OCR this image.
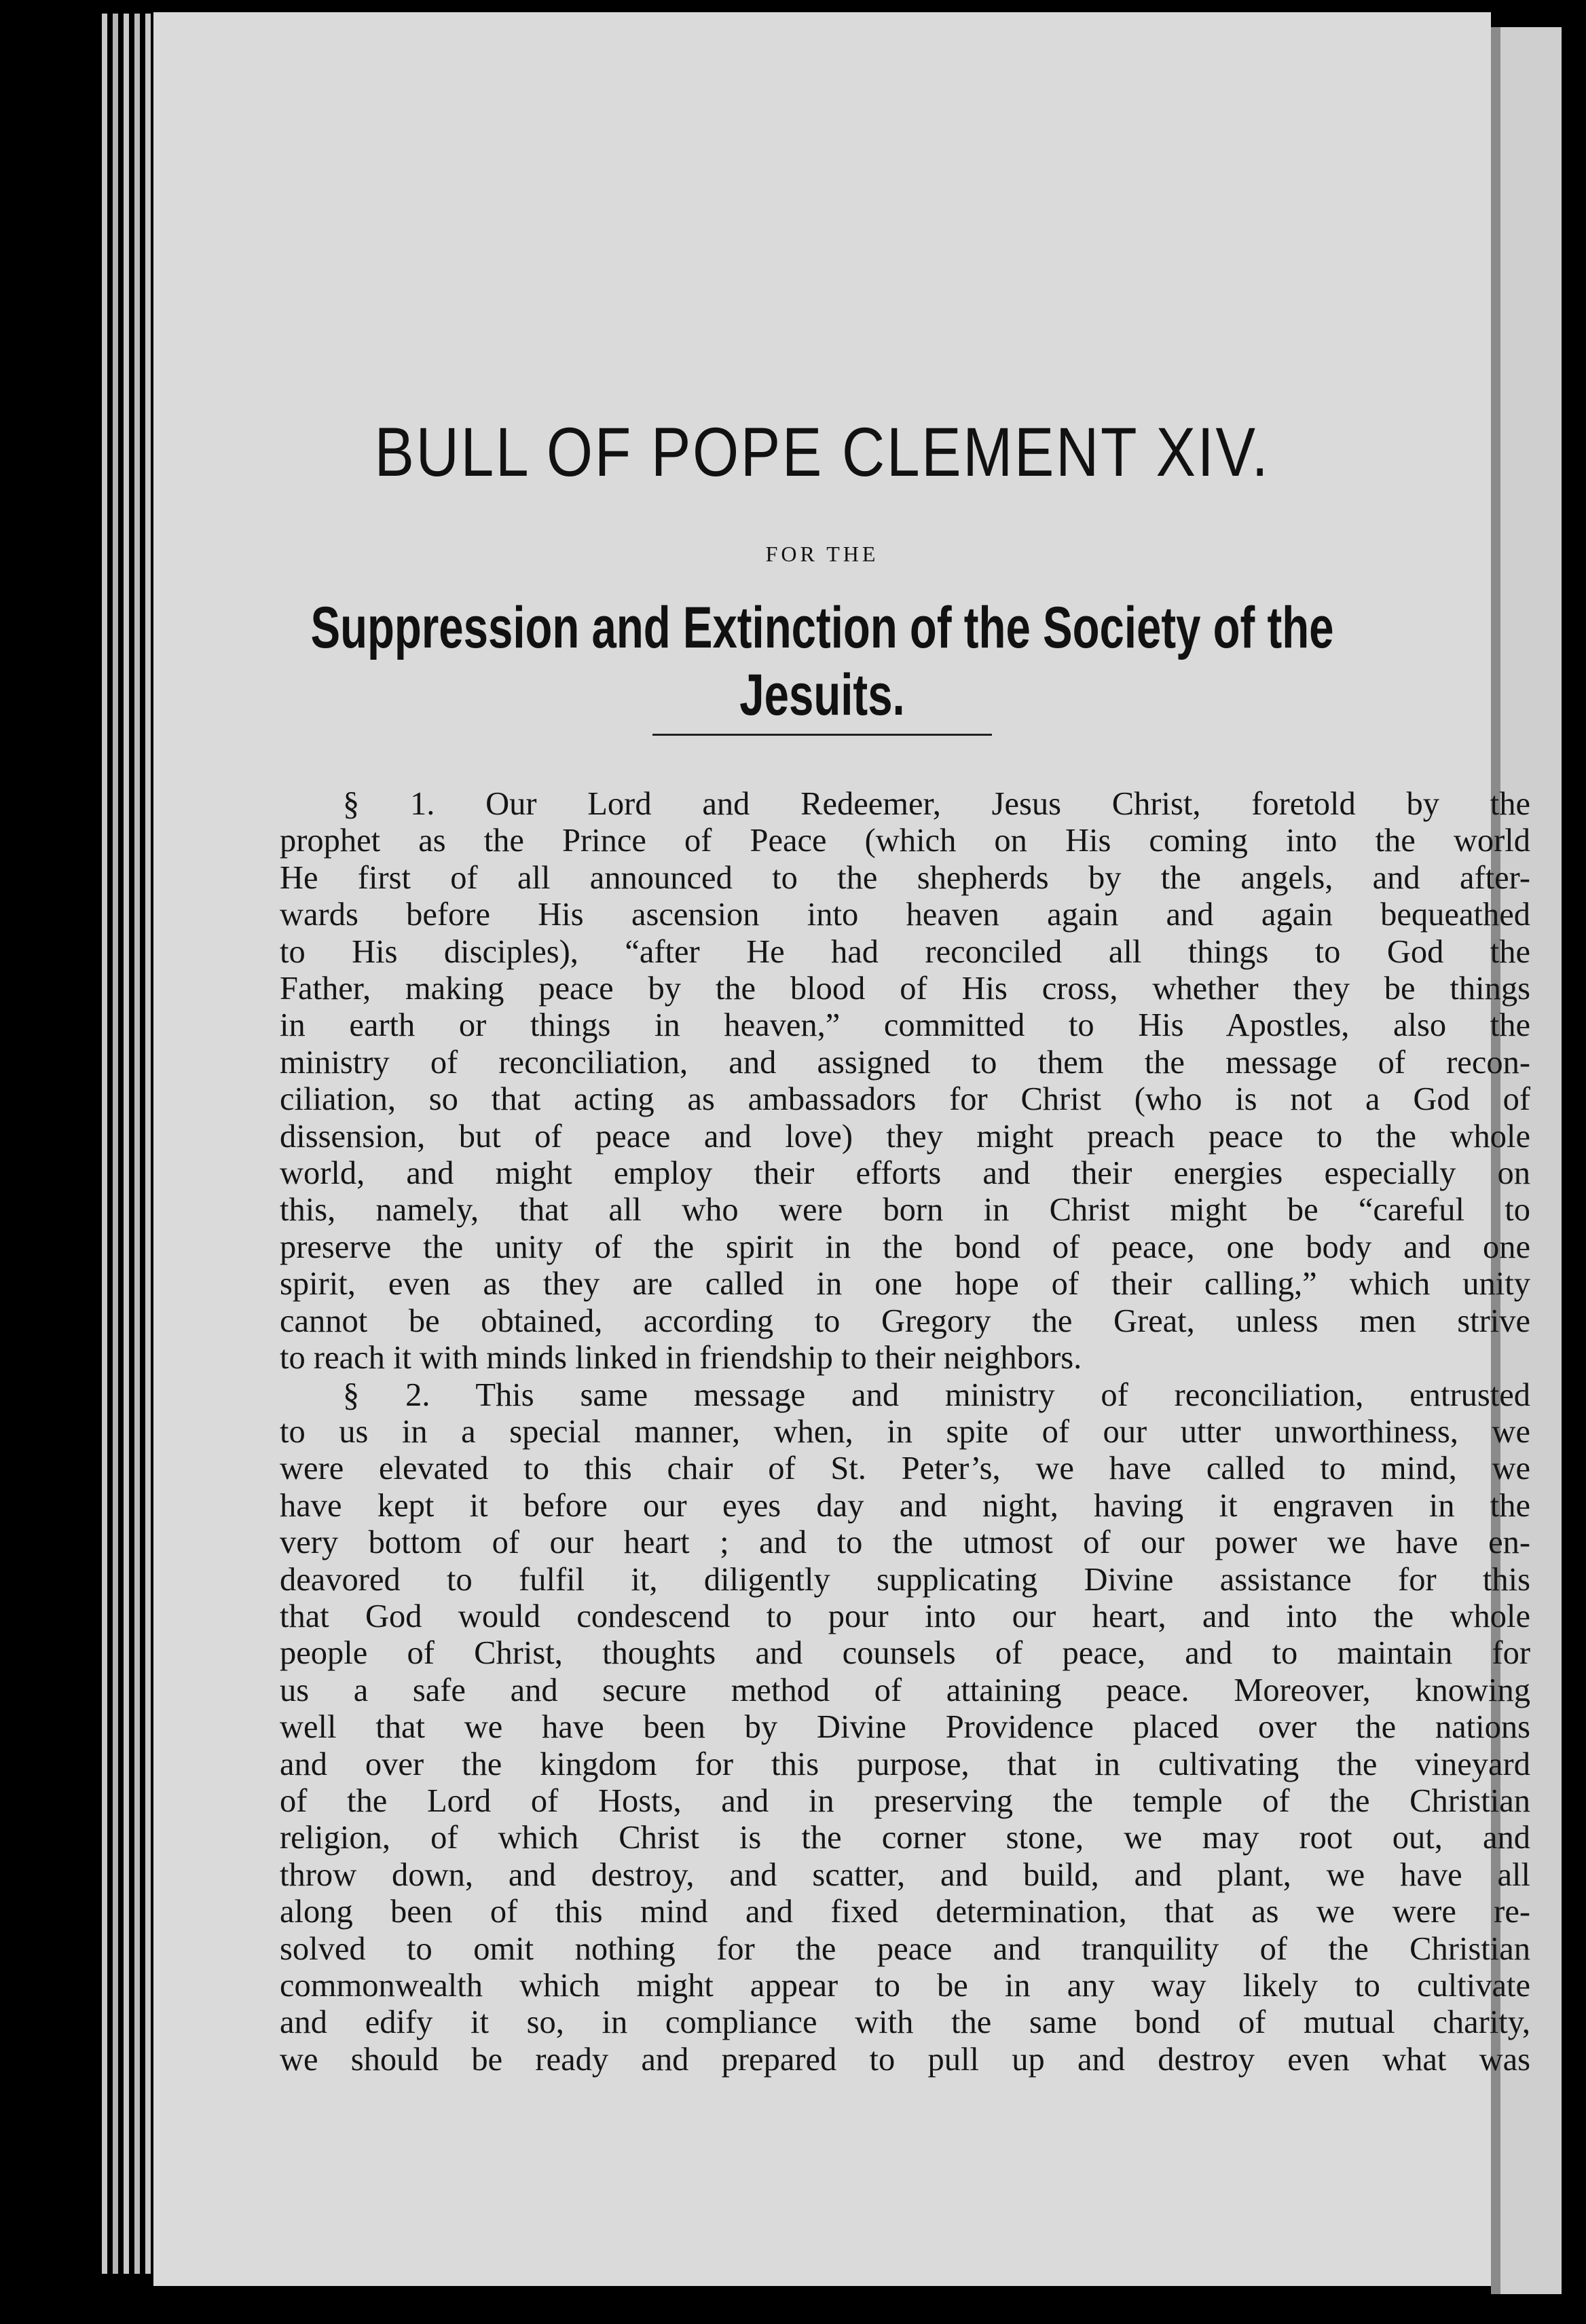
BULL OF POPE CLEMENT XIV.
FOR THE
Suppression and Extinction of the Society of the Jesuits.

§ 1. Our Lord and Redeemer, Jesus Christ, foretold by the
prophet as the Prince of Peace (which on His coming into the world
He first of all announced to the shepherds by the angels, and after-
wards before His ascension into heaven again and again bequeathed
to His disciples), “after He had reconciled all things to God the
Father, making peace by the blood of His cross, whether they be things
in earth or things in heaven,” committed to His Apostles, also the
ministry of reconciliation, and assigned to them the message of recon-
ciliation, so that acting as ambassadors for Christ (who is not a God of
dissension, but of peace and love) they might preach peace to the whole
world, and might employ their efforts and their energies especially on
this, namely, that all who were born in Christ might be “careful to
preserve the unity of the spirit in the bond of peace, one body and one
spirit, even as they are called in one hope of their calling,” which unity
cannot be obtained, according to Gregory the Great, unless men strive
to reach it with minds linked in friendship to their neighbors.

§ 2. This same message and ministry of reconciliation, entrusted
to us in a special manner, when, in spite of our utter unworthiness, we
were elevated to this chair of St. Peter’s, we have called to mind, we
have kept it before our eyes day and night, having it engraven in the
very bottom of our heart ; and to the utmost of our power we have en-
deavored to fulfil it, diligently supplicating Divine assistance for this
that God would condescend to pour into our heart, and into the whole
people of Christ, thoughts and counsels of peace, and to maintain for
us a safe and secure method of attaining peace. Moreover, knowing
well that we have been by Divine Providence placed over the nations
and over the kingdom for this purpose, that in cultivating the vineyard
of the Lord of Hosts, and in preserving the temple of the Christian
religion, of which Christ is the corner stone, we may root out, and
throw down, and destroy, and scatter, and build, and plant, we have all
along been of this mind and fixed determination, that as we were re-
solved to omit nothing for the peace and tranquility of the Christian
commonwealth which might appear to be in any way likely to cultivate
and edify it so, in compliance with the same bond of mutual charity,
we should be ready and prepared to pull up and destroy even what was
